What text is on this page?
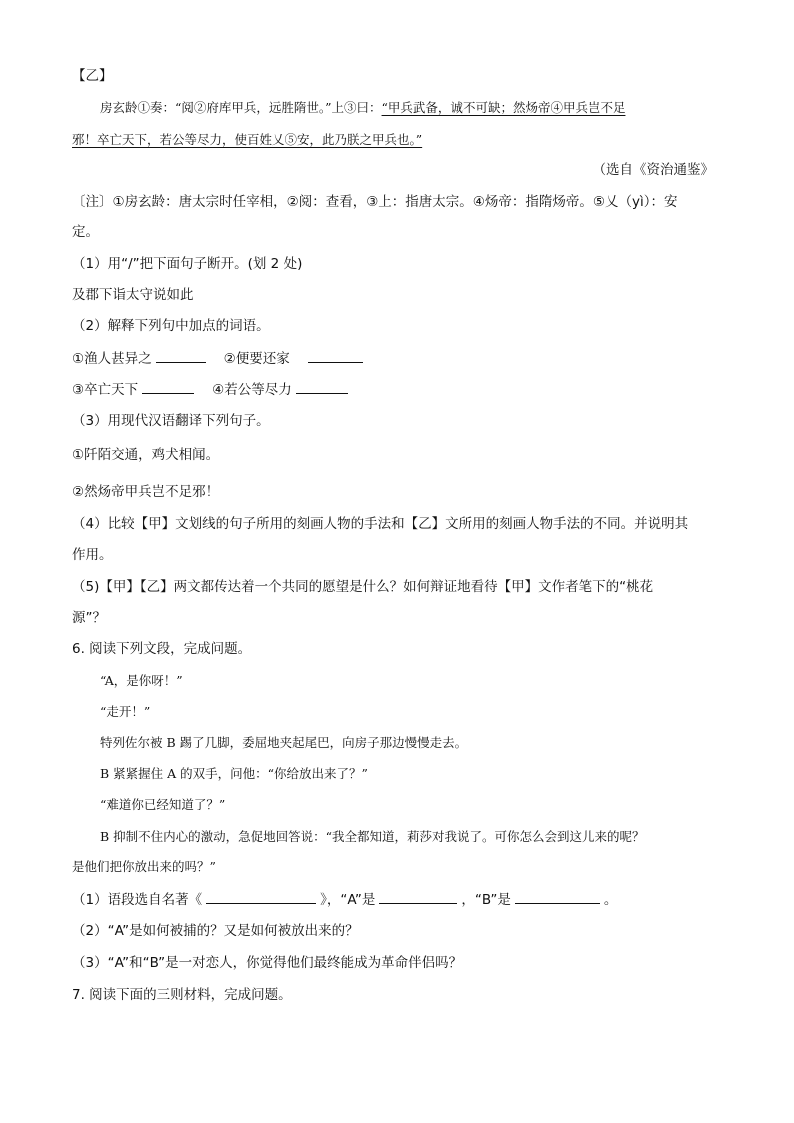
【乙】
房玄龄①奏：“阅②府库甲兵，远胜隋世。”上③曰：“甲兵武备，诚不可缺；然炀帝④甲兵岂不足
邪！卒亡天下，若公等尽力，使百姓乂⑤安，此乃朕之甲兵也。”
（选自《资治通鉴》
〔注〕①房玄龄：唐太宗时任宰相，②阅：查看，③上：指唐太宗。④炀帝：指隋炀帝。⑤乂（yì）：安
定。
（1）用“/”把下面句子断开。(划 2 处)
及郡下诣太守说如此
（2）解释下列句中加点的词语。
①渔人甚异之	②便要还家
③卒亡天下	④若公等尽力
（3）用现代汉语翻译下列句子。
①阡陌交通，鸡犬相闻。
②然炀帝甲兵岂不足邪！
（4）比较【甲】文划线的句子所用的刻画人物的手法和【乙】文所用的刻画人物手法的不同。并说明其
作用。
（5)【甲】【乙】两文都传达着一个共同的愿望是什么？如何辩证地看待【甲】文作者笔下的“桃花
源”？
6. 阅读下列文段，完成问题。
“A，是你呀！”
“走开！”
特列佐尔被 B 踢了几脚，委屈地夹起尾巴，向房子那边慢慢走去。
B 紧紧握住 A 的双手，问他：“你给放出来了？”
“难道你已经知道了？”
B 抑制不住内心的激动，急促地回答说：“我全都知道，莉莎对我说了。可你怎么会到这儿来的呢？
是他们把你放出来的吗？”
（1）语段选自名著《	》，“A”是	，“B”是	。
（2）“A”是如何被捕的？又是如何被放出来的？
（3）“A”和“B”是一对恋人，你觉得他们最终能成为革命伴侣吗？
7. 阅读下面的三则材料，完成问题。
